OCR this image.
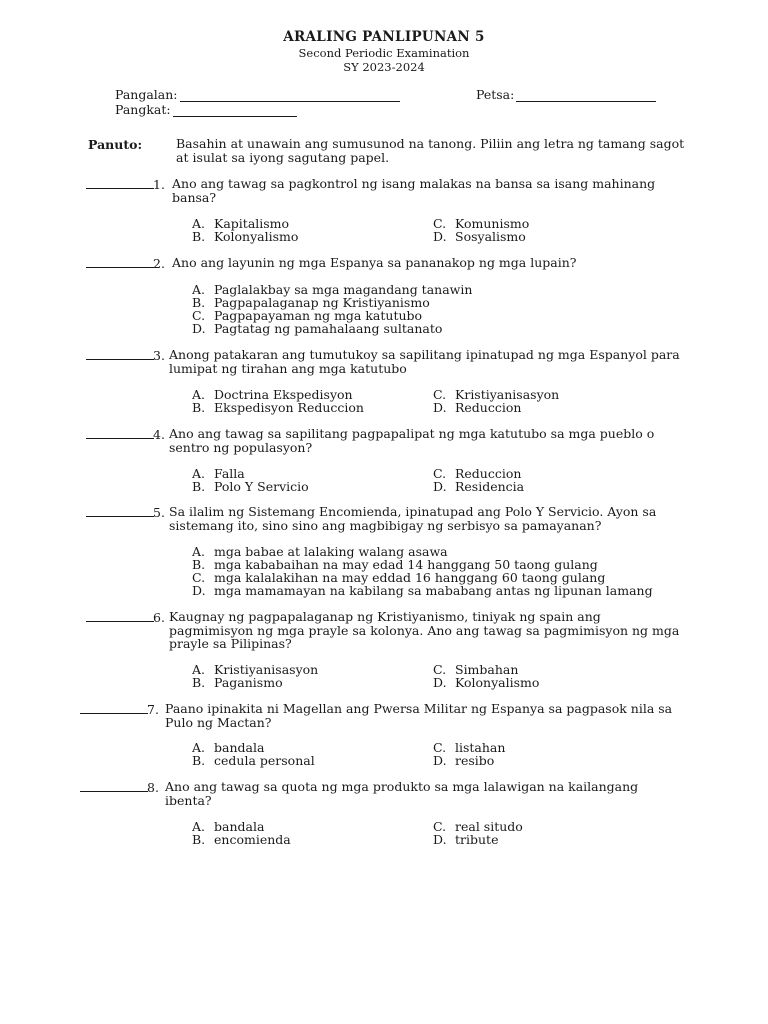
ARALING PANLIPUNAN 5
Second Periodic Examination
SY 2023-2024
Pangalan:	Petsa:
Pangkat:
Panuto:	Basahin at unawain ang sumusunod na tanong. Piliin ang letra ng tamang sagot at isulat sa iyong sagutang papel.
1. Ano ang tawag sa pagkontrol ng isang malakas na bansa sa isang mahinang bansa?
A. Kapitalismo
B. Kolonyalismo
C. Komunismo
D. Sosyalismo
2. Ano ang layunin ng mga Espanya sa pananakop ng mga lupain?
A. Paglalakbay sa mga magandang tanawin
B. Pagpapalaganap ng Kristiyanismo
C. Pagpapayaman ng mga katutubo
D. Pagtatag ng pamahalaang sultanato
3. Anong patakaran ang tumutukoy sa sapilitang ipinatupad ng mga Espanyol para lumipat ng tirahan ang mga katutubo
A. Doctrina Ekspedisyon
B. Ekspedisyon Reduccion
C. Kristiyanisasyon
D. Reduccion
4. Ano ang tawag sa sapilitang pagpapalipat ng mga katutubo sa mga pueblo o sentro ng populasyon?
A. Falla
B. Polo Y Servicio
C. Reduccion
D. Residencia
5. Sa ilalim ng Sistemang Encomienda, ipinatupad ang Polo Y Servicio. Ayon sa sistemang ito, sino sino ang magbibigay ng serbisyo sa pamayanan?
A. mga babae at lalaking walang asawa
B. mga kababaihan na may edad 14 hanggang 50 taong gulang
C. mga kalalakihan na may eddad 16 hanggang 60 taong gulang
D. mga mamamayan na kabilang sa mababang antas ng lipunan lamang
6. Kaugnay ng pagpapalaganap ng Kristiyanismo, tiniyak ng spain ang pagmimisyon ng mga prayle sa kolonya. Ano ang tawag sa pagmimisyon ng mga prayle sa Pilipinas?
A. Kristiyanisasyon
B. Paganismo
C. Simbahan
D. Kolonyalismo
7. Paano ipinakita ni Magellan ang Pwersa Militar ng Espanya sa pagpasok nila sa Pulo ng Mactan?
A. bandala
B. cedula personal
C. listahan
D. resibo
8. Ano ang tawag sa quota ng mga produkto sa mga lalawigan na kailangang ibenta?
A. bandala
B. encomienda
C. real situdo
D. tribute
